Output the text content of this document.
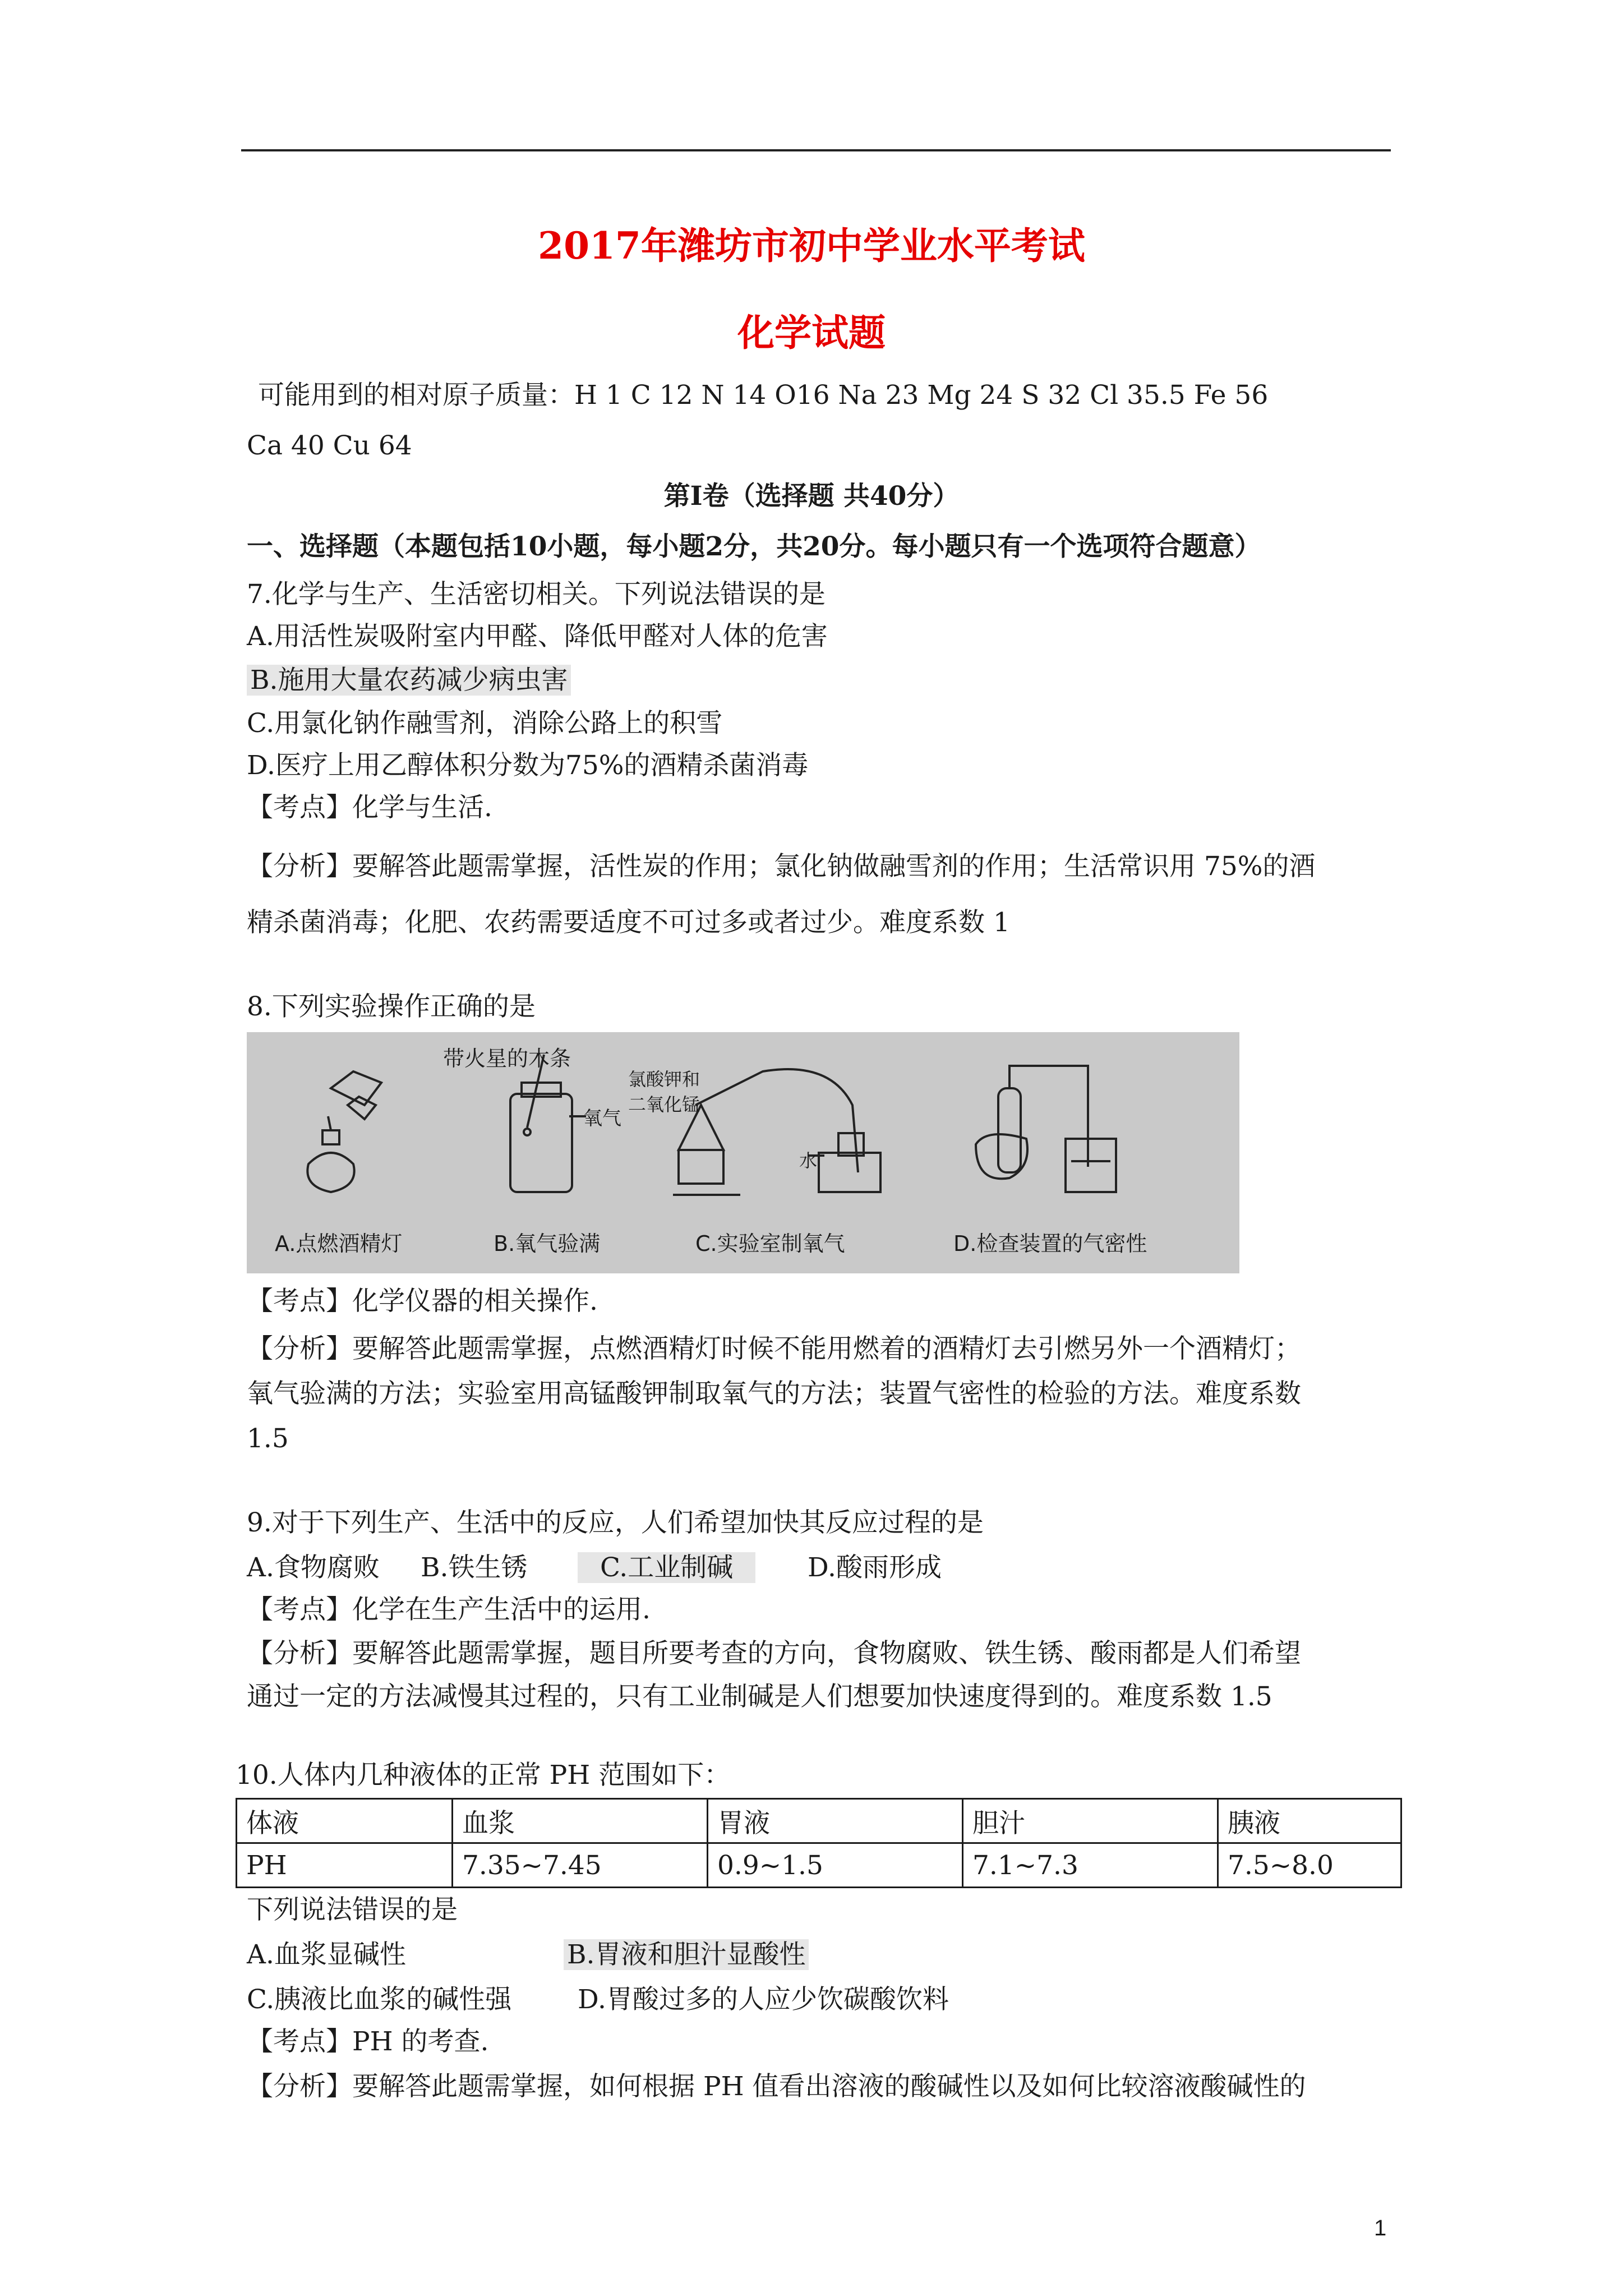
2017年潍坊市初中学业水平考试
化学试题
可能用到的相对原子质量：H 1 C 12 N 14 O16 Na 23 Mg 24 S 32 Cl 35.5 Fe 56
Ca 40 Cu 64
第Ⅰ卷（选择题 共40分）
一、选择题（本题包括10小题，每小题2分，共20分。每小题只有一个选项符合题意）
7.化学与生产、生活密切相关。下列说法错误的是
A.用活性炭吸附室内甲醛、降低甲醛对人体的危害
B.施用大量农药减少病虫害
C.用氯化钠作融雪剂，消除公路上的积雪
D.医疗上用乙醇体积分数为75%的酒精杀菌消毒
【考点】化学与生活.
【分析】要解答此题需掌握，活性炭的作用；氯化钠做融雪剂的作用；生活常识用 75%的酒
精杀菌消毒；化肥、农药需要适度不可过多或者过少。难度系数 1
8.下列实验操作正确的是
带火星的木条
氧气
氯酸钾和
二氧化锰
水
A.点燃酒精灯	B.氧气验满	C.实验室制氧气	D.检查装置的气密性
【考点】化学仪器的相关操作.
【分析】要解答此题需掌握，点燃酒精灯时候不能用燃着的酒精灯去引燃另外一个酒精灯；
氧气验满的方法；实验室用高锰酸钾制取氧气的方法；装置气密性的检验的方法。难度系数
1.5
9.对于下列生产、生活中的反应，人们希望加快其反应过程的是
A.食物腐败 B.铁生锈	C.工业制碱	D.酸雨形成
【考点】化学在生产生活中的运用.
【分析】要解答此题需掌握，题目所要考查的方向，食物腐败、铁生锈、酸雨都是人们希望
通过一定的方法减慢其过程的，只有工业制碱是人们想要加快速度得到的。难度系数 1.5
10.人体内几种液体的正常 PH 范围如下：
体液	血浆	胃液	胆汁	胰液
PH	7.35~7.45	0.9~1.5	7.1~7.3	7.5~8.0
下列说法错误的是
A.血浆显碱性	B.胃液和胆汁显酸性
C.胰液比血浆的碱性强	D.胃酸过多的人应少饮碳酸饮料
【考点】PH 的考查.
【分析】要解答此题需掌握，如何根据 PH 值看出溶液的酸碱性以及如何比较溶液酸碱性的
1
